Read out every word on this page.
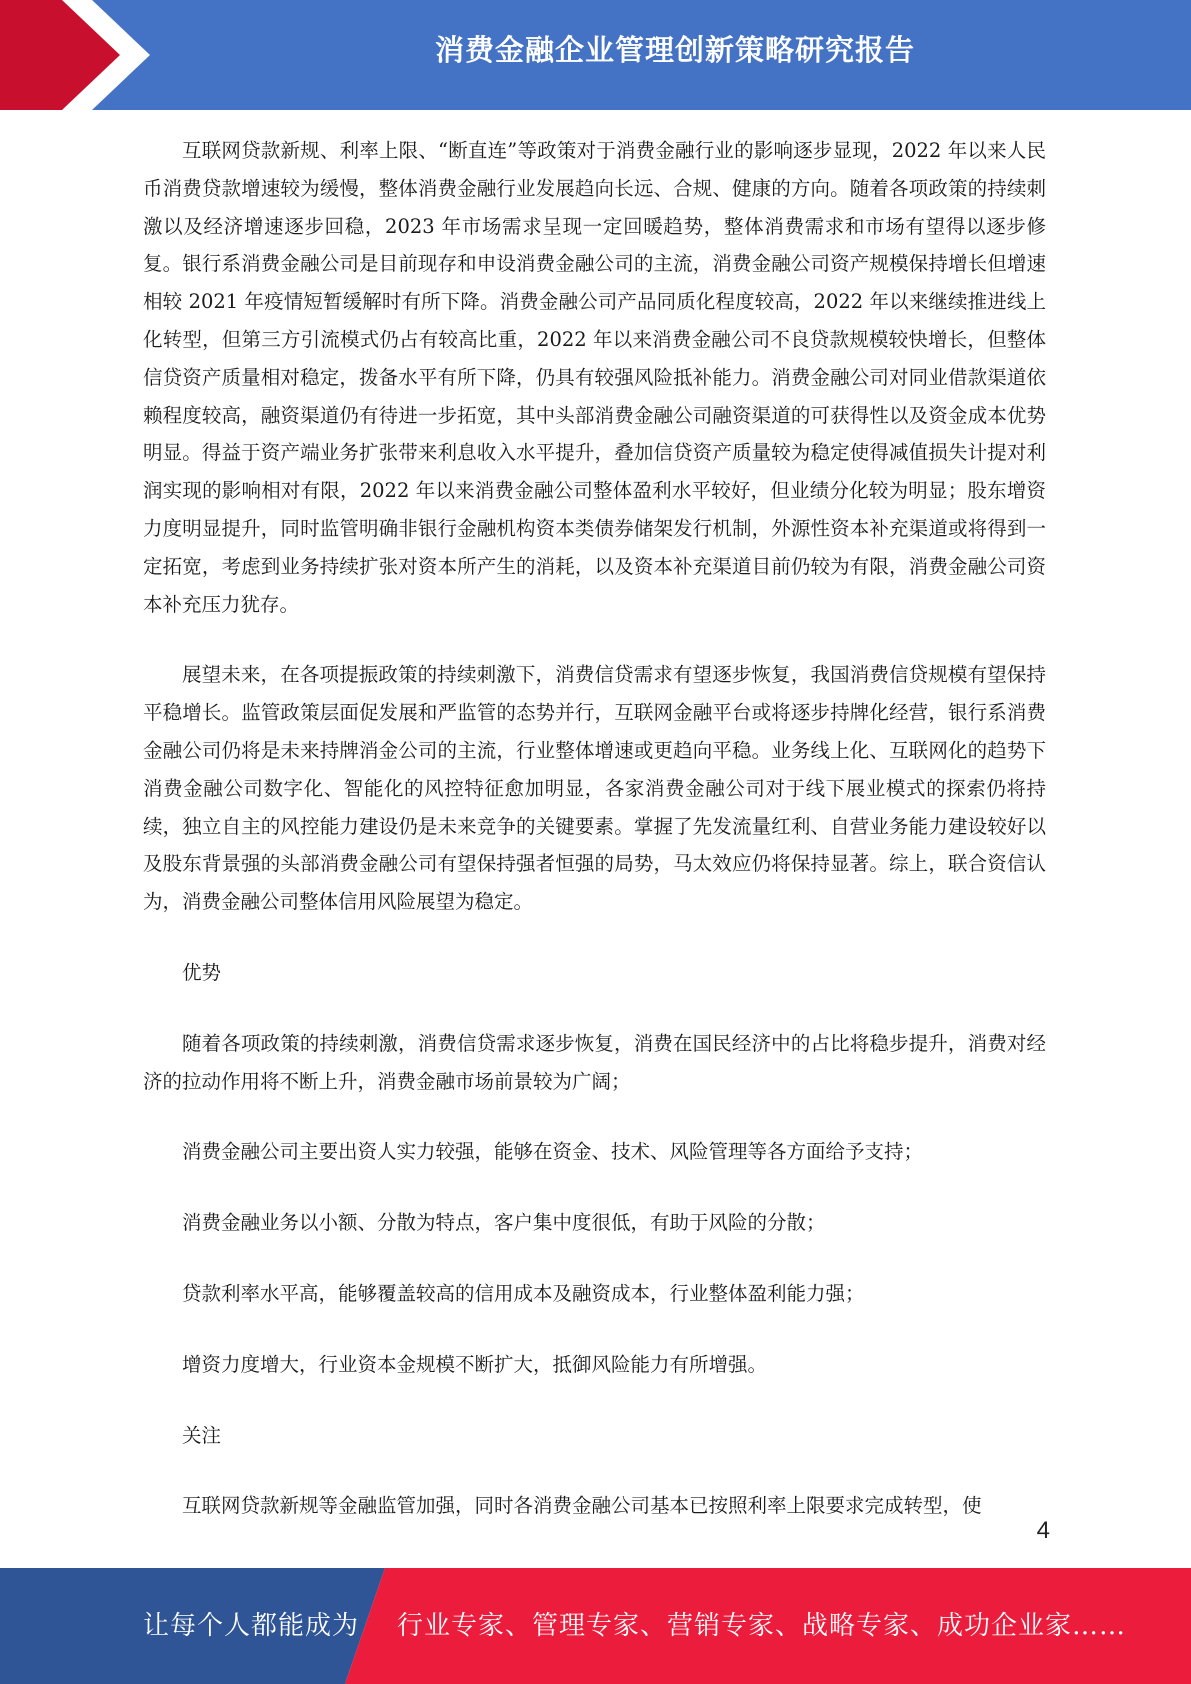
消费金融企业管理创新策略研究报告

互联网贷款新规、利率上限、“断直连”等政策对于消费金融行业的影响逐步显现，2022 年以来人民币消费贷款增速较为缓慢，整体消费金融行业发展趋向长远、合规、健康的方向。随着各项政策的持续刺激以及经济增速逐步回稳，2023 年市场需求呈现一定回暖趋势，整体消费需求和市场有望得以逐步修复。银行系消费金融公司是目前现存和申设消费金融公司的主流，消费金融公司资产规模保持增长但增速相较 2021 年疫情短暂缓解时有所下降。消费金融公司产品同质化程度较高，2022 年以来继续推进线上化转型，但第三方引流模式仍占有较高比重，2022 年以来消费金融公司不良贷款规模较快增长，但整体信贷资产质量相对稳定，拨备水平有所下降，仍具有较强风险抵补能力。消费金融公司对同业借款渠道依赖程度较高，融资渠道仍有待进一步拓宽，其中头部消费金融公司融资渠道的可获得性以及资金成本优势明显。得益于资产端业务扩张带来利息收入水平提升，叠加信贷资产质量较为稳定使得减值损失计提对利润实现的影响相对有限，2022 年以来消费金融公司整体盈利水平较好，但业绩分化较为明显；股东增资力度明显提升，同时监管明确非银行金融机构资本类债券储架发行机制，外源性资本补充渠道或将得到一定拓宽，考虑到业务持续扩张对资本所产生的消耗，以及资本补充渠道目前仍较为有限，消费金融公司资本补充压力犹存。

展望未来，在各项提振政策的持续刺激下，消费信贷需求有望逐步恢复，我国消费信贷规模有望保持平稳增长。监管政策层面促发展和严监管的态势并行，互联网金融平台或将逐步持牌化经营，银行系消费金融公司仍将是未来持牌消金公司的主流，行业整体增速或更趋向平稳。业务线上化、互联网化的趋势下消费金融公司数字化、智能化的风控特征愈加明显，各家消费金融公司对于线下展业模式的探索仍将持续，独立自主的风控能力建设仍是未来竞争的关键要素。掌握了先发流量红利、自营业务能力建设较好以及股东背景强的头部消费金融公司有望保持强者恒强的局势，马太效应仍将保持显著。综上，联合资信认为，消费金融公司整体信用风险展望为稳定。

优势

随着各项政策的持续刺激，消费信贷需求逐步恢复，消费在国民经济中的占比将稳步提升，消费对经济的拉动作用将不断上升，消费金融市场前景较为广阔；

消费金融公司主要出资人实力较强，能够在资金、技术、风险管理等各方面给予支持；

消费金融业务以小额、分散为特点，客户集中度很低，有助于风险的分散；

贷款利率水平高，能够覆盖较高的信用成本及融资成本，行业整体盈利能力强；

增资力度增大，行业资本金规模不断扩大，抵御风险能力有所增强。

关注

互联网贷款新规等金融监管加强，同时各消费金融公司基本已按照利率上限要求完成转型，使

4
让每个人都能成为 行业专家、管理专家、营销专家、战略专家、成功企业家……
